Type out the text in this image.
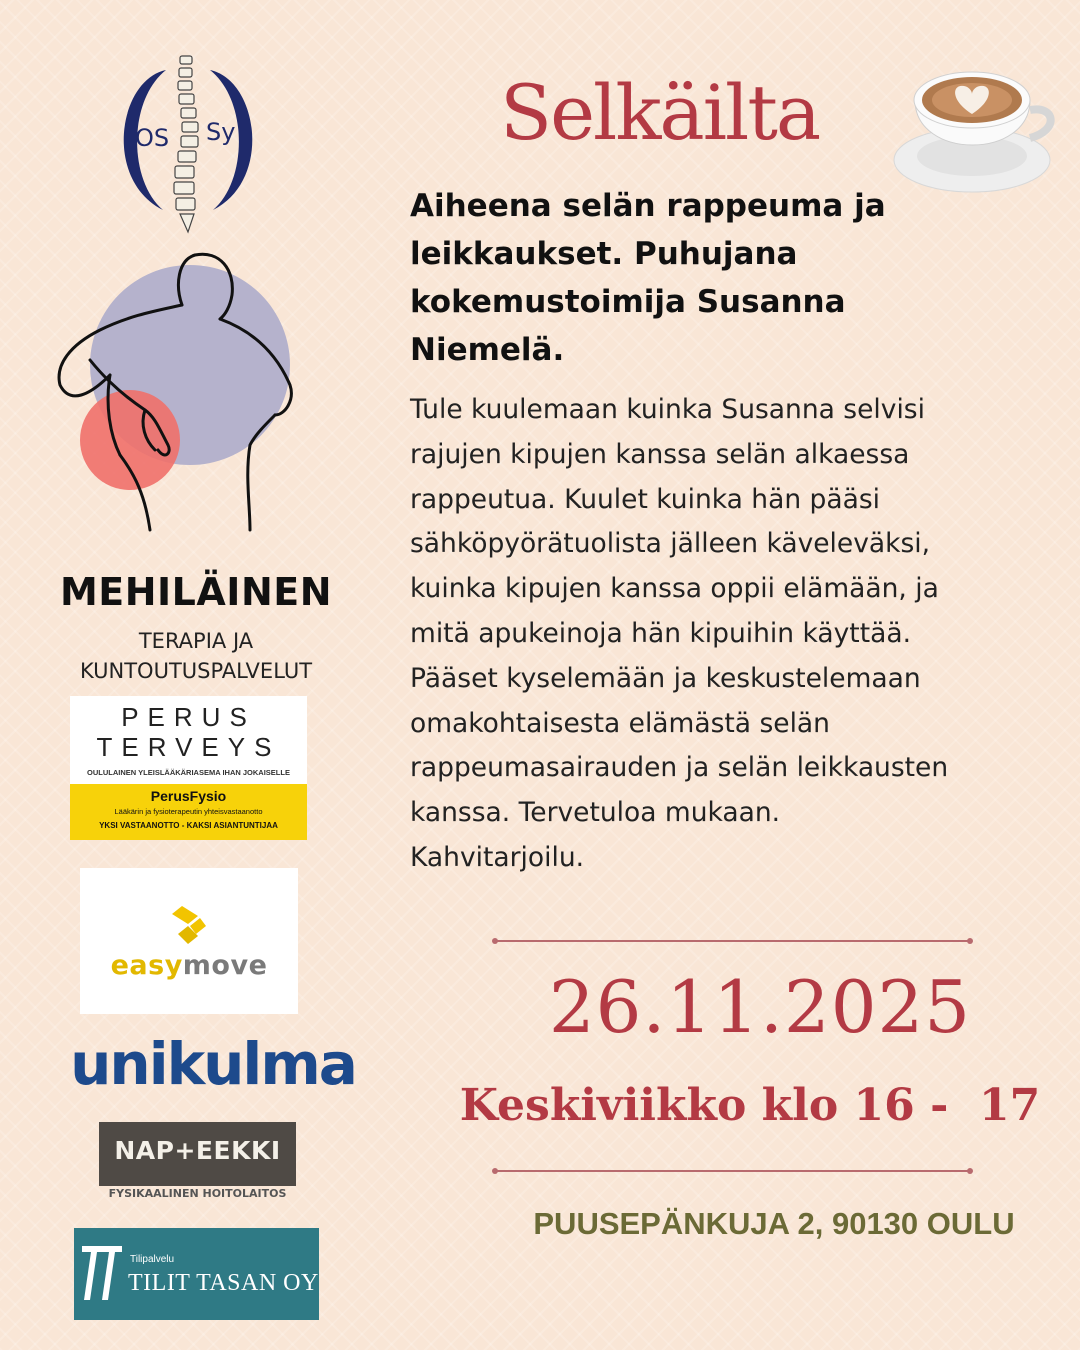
OS Sy
MEHILÄINEN
TERAPIA JA
KUNTOUTUSPALVELUT
PERUS
TERVEYS
OULULAINEN YLEISLÄÄKÄRIASEMA IHAN JOKAISELLE
PerusFysio
Lääkärin ja fysioterapeutin yhteisvastaanotto
YKSI VASTAANOTTO - KAKSI ASIANTUNTIJAA
easymove
unikulma
NAP+EEKKI
FYSIKAALINEN HOITOLAITOS
Tilipalvelu
TILIT TASAN OY
Selkäilta
Aiheena selän rappeuma ja leikkaukset. Puhujana kokemustoimija Susanna Niemelä.
Tule kuulemaan kuinka Susanna selvisi
rajujen kipujen kanssa selän alkaessa
rappeutua. Kuulet kuinka hän pääsi
sähköpyörätuolista jälleen käveleväksi,
kuinka kipujen kanssa oppii elämään, ja
mitä apukeinoja hän kipuihin käyttää.
Pääset kyselemään ja keskustelemaan
omakohtaisesta elämästä selän
rappeumasairauden ja selän leikkausten
kanssa. Tervetuloa mukaan.
Kahvitarjoilu.
26.11.2025
Keskiviikko klo 16 -  17
PUUSEPÄNKUJA 2, 90130 OULU
